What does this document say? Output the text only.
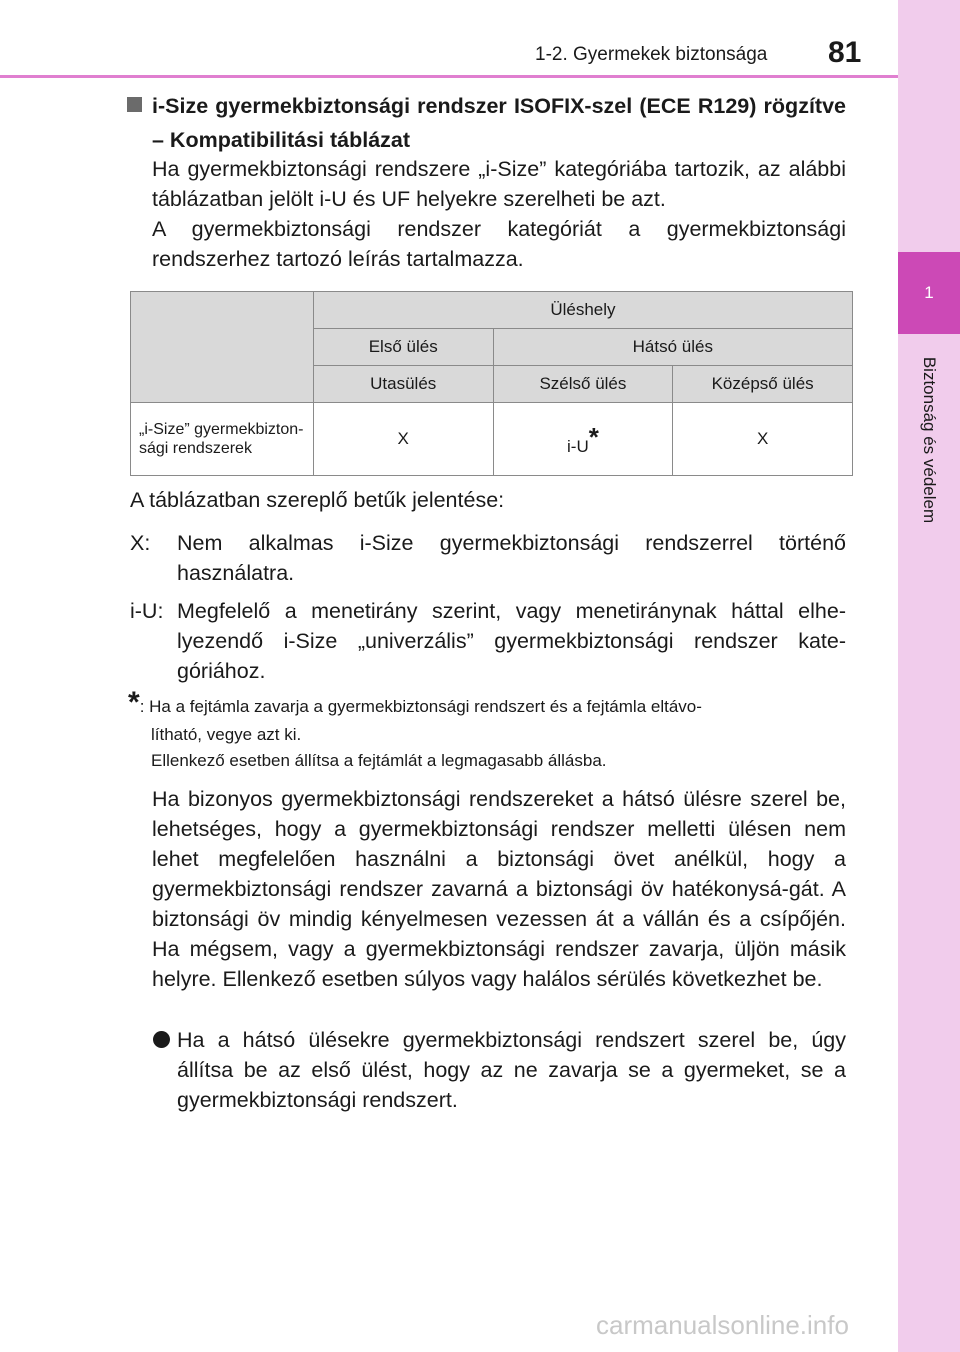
1-2. Gyermekek biztonsága 81
1
Biztonság és védelem

i-Size gyermekbiztonsági rendszer ISOFIX-szel (ECE R129) rögzítve – Kompatibilitási táblázat

Ha gyermekbiztonsági rendszere „i-Size” kategóriába tartozik, az alábbi táblázatban jelölt i-U és UF helyekre szerelheti be azt.

A gyermekbiztonsági rendszer kategóriát a gyermekbiztonsági rendszerhez tartozó leírás tartalmazza.

	Üléshely		
	Első ülés	Hátsó ülés	
	Utasülés	Szélső ülés	Középső ülés
„i-Size” gyermekbizton-sági rendszerek	X	i-U*	X
A táblázatban szereplő betűk jelentése:
X: Nem alkalmas i-Size gyermekbiztonsági rendszerrel történő használatra.

i-U: Megfelelő a menetirány szerint, vagy menetiránynak háttal elhe-lyezendő i-Size „univerzális” gyermekbiztonsági rendszer kate-góriához.

*: Ha a fejtámla zavarja a gyermekbiztonsági rendszert és a fejtámla eltávo-
lítható, vegye azt ki.
Ellenkező esetben állítsa a fejtámlát a legmagasabb állásba.

Ha bizonyos gyermekbiztonsági rendszereket a hátsó ülésre szerel be, lehetséges, hogy a gyermekbiztonsági rendszer melletti ülésen nem lehet megfelelően használni a biztonsági övet anélkül, hogy a gyermekbiztonsági rendszer zavarná a biztonsági öv hatékonysá-gát. A biztonsági öv mindig kényelmesen vezessen át a vállán és a csípőjén. Ha mégsem, vagy a gyermekbiztonsági rendszer zavarja, üljön másik helyre. Ellenkező esetben súlyos vagy halálos sérülés következhet be.

Ha a hátsó ülésekre gyermekbiztonsági rendszert szerel be, úgy állítsa be az első ülést, hogy az ne zavarja se a gyermeket, se a gyermekbiztonsági rendszert.

carmanualsonline.info
